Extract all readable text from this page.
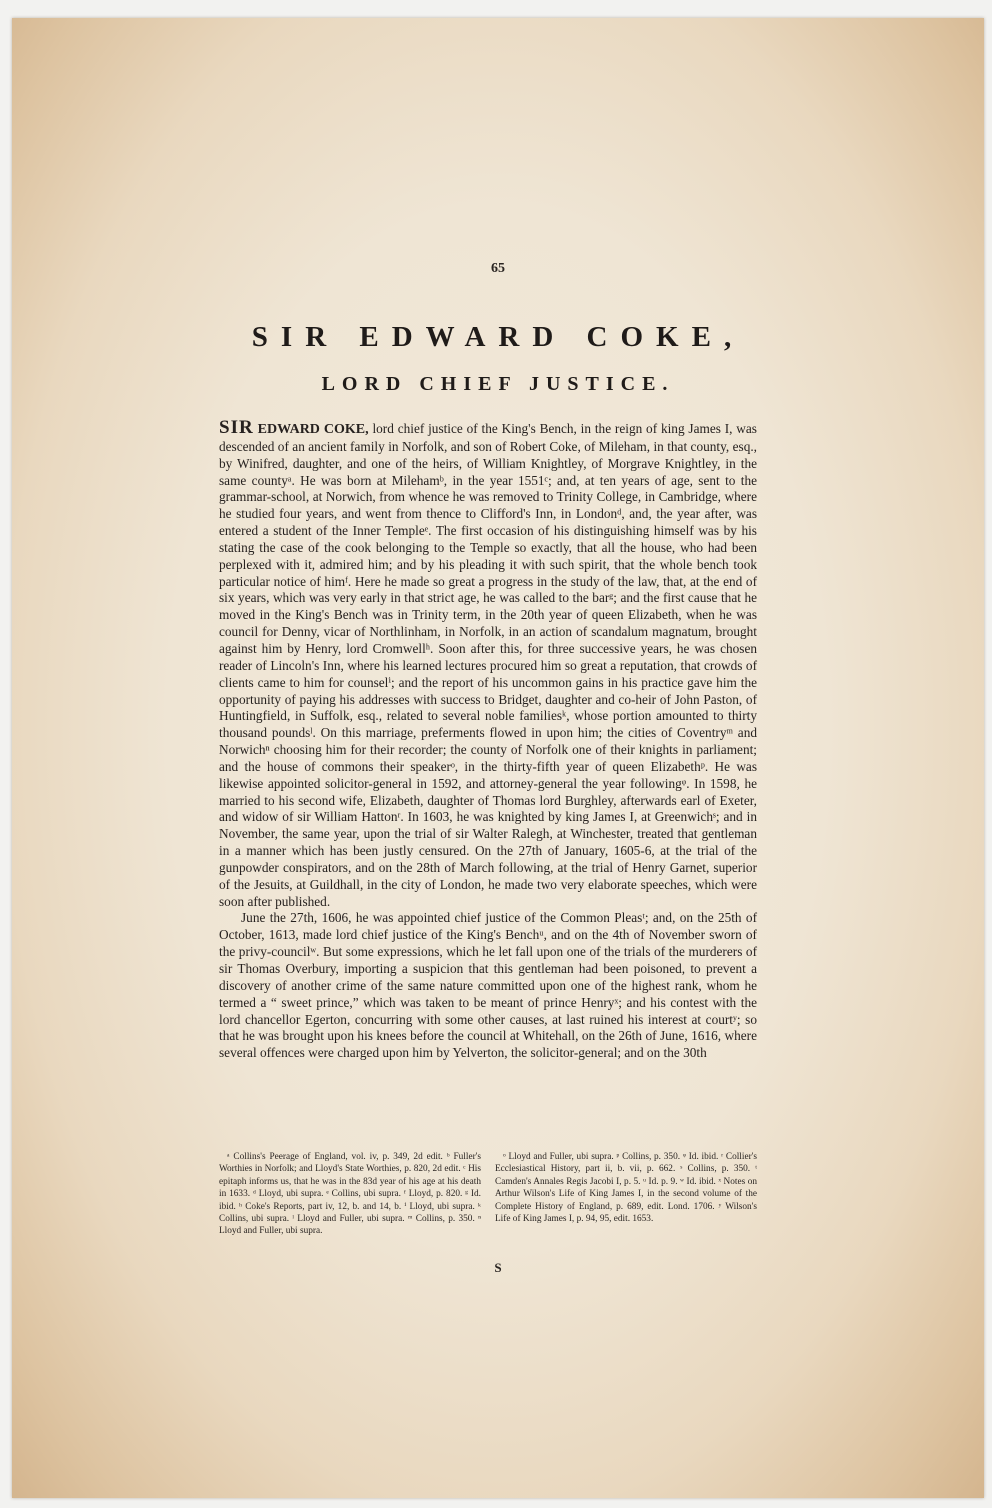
65
SIR EDWARD COKE,
LORD CHIEF JUSTICE.

SIR EDWARD COKE, lord chief justice of the King's Bench, in the reign of king James I, was descended of an ancient family in Norfolk, and son of Robert Coke, of Mileham, in that county, esq., by Winifred, daughter, and one of the heirs, of William Knightley, of Morgrave Knightley, in the same countyᵃ. He was born at Milehamᵇ, in the year 1551ᶜ; and, at ten years of age, sent to the grammar-school, at Norwich, from whence he was removed to Trinity College, in Cambridge, where he studied four years, and went from thence to Clifford's Inn, in Londonᵈ, and, the year after, was entered a student of the Inner Templeᵉ. The first occasion of his distinguishing himself was by his stating the case of the cook belonging to the Temple so exactly, that all the house, who had been perplexed with it, admired him; and by his pleading it with such spirit, that the whole bench took particular notice of himᶠ. Here he made so great a progress in the study of the law, that, at the end of six years, which was very early in that strict age, he was called to the barᵍ; and the first cause that he moved in the King's Bench was in Trinity term, in the 20th year of queen Elizabeth, when he was council for Denny, vicar of Northlinham, in Norfolk, in an action of scandalum magnatum, brought against him by Henry, lord Cromwellʰ. Soon after this, for three successive years, he was chosen reader of Lincoln's Inn, where his learned lectures procured him so great a reputation, that crowds of clients came to him for counselⁱ; and the report of his uncommon gains in his practice gave him the opportunity of paying his addresses with success to Bridget, daughter and co-heir of John Paston, of Huntingfield, in Suffolk, esq., related to several noble familiesᵏ, whose portion amounted to thirty thousand poundsˡ. On this marriage, preferments flowed in upon him; the cities of Coventryᵐ and Norwichⁿ choosing him for their recorder; the county of Norfolk one of their knights in parliament; and the house of commons their speakerᵒ, in the thirty-fifth year of queen Elizabethᵖ. He was likewise appointed solicitor-general in 1592, and attorney-general the year followingᵠ. In 1598, he married to his second wife, Elizabeth, daughter of Thomas lord Burghley, afterwards earl of Exeter, and widow of sir William Hattonʳ. In 1603, he was knighted by king James I, at Greenwichˢ; and in November, the same year, upon the trial of sir Walter Ralegh, at Winchester, treated that gentleman in a manner which has been justly censured. On the 27th of January, 1605-6, at the trial of the gunpowder conspirators, and on the 28th of March following, at the trial of Henry Garnet, superior of the Jesuits, at Guildhall, in the city of London, he made two very elaborate speeches, which were soon after published.

June the 27th, 1606, he was appointed chief justice of the Common Pleasᵗ; and, on the 25th of October, 1613, made lord chief justice of the King's Benchᵘ, and on the 4th of November sworn of the privy-councilʷ. But some expressions, which he let fall upon one of the trials of the murderers of sir Thomas Overbury, importing a suspicion that this gentleman had been poisoned, to prevent a discovery of another crime of the same nature committed upon one of the highest rank, whom he termed a “ sweet prince,” which was taken to be meant of prince Henryˣ; and his contest with the lord chancellor Egerton, concurring with some other causes, at last ruined his interest at courtʸ; so that he was brought upon his knees before the council at Whitehall, on the 26th of June, 1616, where several offences were charged upon him by Yelverton, the solicitor-general; and on the 30th

ᵃ Collins's Peerage of England, vol. iv, p. 349, 2d edit. ᵇ Fuller's Worthies in Norfolk; and Lloyd's State Worthies, p. 820, 2d edit. ᶜ His epitaph informs us, that he was in the 83d year of his age at his death in 1633. ᵈ Lloyd, ubi supra. ᵉ Collins, ubi supra. ᶠ Lloyd, p. 820. ᵍ Id. ibid. ʰ Coke's Reports, part iv, 12, b. and 14, b. ⁱ Lloyd, ubi supra. ᵏ Collins, ubi supra. ˡ Lloyd and Fuller, ubi supra. ᵐ Collins, p. 350. ⁿ Lloyd and Fuller, ubi supra.

ᵒ Lloyd and Fuller, ubi supra. ᵖ Collins, p. 350. ᵠ Id. ibid. ʳ Collier's Ecclesiastical History, part ii, b. vii, p. 662. ˢ Collins, p. 350. ᵗ Camden's Annales Regis Jacobi I, p. 5. ᵘ Id. p. 9. ʷ Id. ibid. ˣ Notes on Arthur Wilson's Life of King James I, in the second volume of the Complete History of England, p. 689, edit. Lond. 1706. ʸ Wilson's Life of King James I, p. 94, 95, edit. 1653.

S
